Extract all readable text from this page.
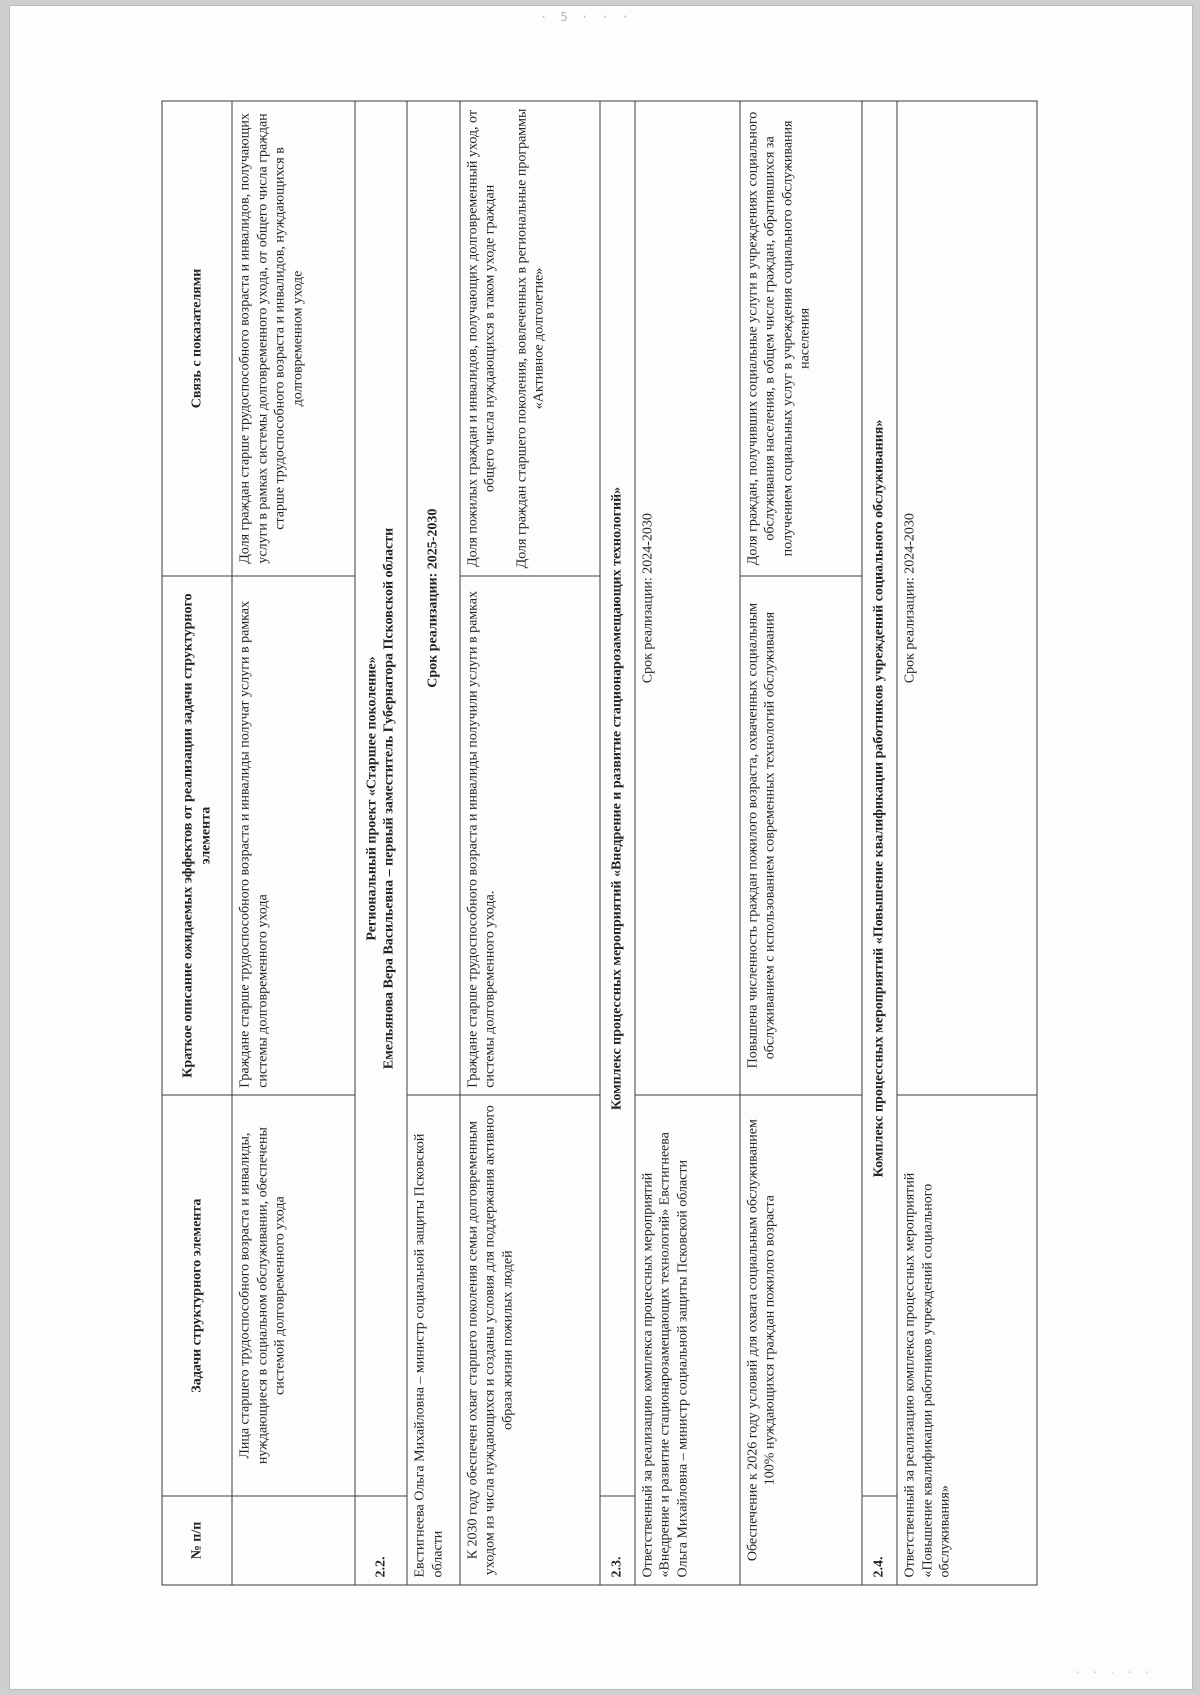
· 5 · · ·
· · · · ·
№ п/п	Задачи структурного элемента	Краткое описание ожидаемых эффектов от реализации задачи структурного элемента	Связь с показателями
	Лица старшего трудоспособного возраста и инвалиды, нуждающиеся в социальном обслуживании, обеспечены системой долговременного ухода	Граждане старше трудоспособного возраста и инвалиды получат услуги в рамках системы долговременного ухода	Доля граждан старше трудоспособного возраста и инвалидов, получающих услуги в рамках системы долговременного ухода, от общего числа граждан старше трудоспособного возраста и инвалидов, нуждающихся в долговременном уходе
2.2.	Региональный проект «Старшее поколение» Емельянова Вера Васильевна – первый заместитель Губернатора Псковской области		

Евстигнеева Ольга Михайловна – министр социальной защиты Псковской области		Срок реализации: 2025-2030	
К 2030 году обеспечен охват старшего поколения семьи долговременным уходом из числа нуждающихся и созданы условия для поддержания активного образа жизни пожилых людей		Граждане старше трудоспособного возраста и инвалиды получили услуги в рамках системы долговременного ухода.	Доля пожилых граждан и инвалидов, получающих долговременный уход, от общего числа нуждающихся в таком уходе граждан Доля граждан старшего поколения, вовлеченных в региональные программы «Активное долголетие»

2.3.	Комплекс процессных мероприятий «Внедрение и развитие стационарозамещающих технологий»		
Ответственный за реализацию комплекса процессных мероприятий «Внедрение и развитие стационарозамещающих технологий» Евстигнеева Ольга Михайловна – министр социальной защиты Псковской области		Срок реализации: 2024-2030	
Обеспечение к 2026 году условий для охвата социальным обслуживанием 100% нуждающихся граждан пожилого возраста		Повышена численность граждан пожилого возраста, охваченных социальным обслуживанием с использованием современных технологий обслуживания	Доля граждан, получивших социальные услуги в учреждениях социального обслуживания населения, в общем числе граждан, обратившихся за получением социальных услуг в учреждения социального обслуживания населения
2.4.	Комплекс процессных мероприятий «Повышение квалификации работников учреждений социального обслуживания»		
Ответственный за реализацию комплекса процессных мероприятий «Повышение квалификации работников учреждений социального обслуживания»		Срок реализации: 2024-2030	
